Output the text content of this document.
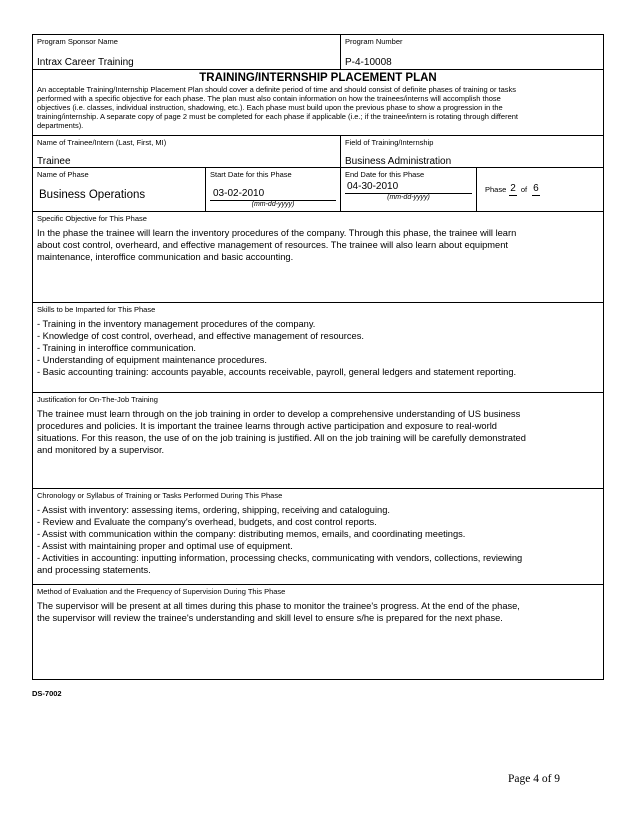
Program Sponsor Name
Intrax Career Training
Program Number
P-4-10008
TRAINING/INTERNSHIP PLACEMENT PLAN
An acceptable Training/Internship Placement Plan should cover a definite period of time and should consist of definite phases of training or tasks
performed with a specific objective for each phase. The plan must also contain information on how the trainees/interns will accomplish those
objectives (i.e. classes, individual instruction, shadowing, etc.). Each phase must build upon the previous phase to show a progression in the
training/internship. A separate copy of page 2 must be completed for each phase if applicable (i.e.; if the trainee/intern is rotating through different
departments).
Name of Trainee/Intern (Last, First, MI)
Trainee
Field of Training/Internship
Business Administration
Name of Phase
Business Operations
Start Date for this Phase
03-02-2010
(mm-dd-yyyy)
End Date for this Phase
04-30-2010
(mm-dd-yyyy)
Phase 2 of 6
Specific Objective for This Phase
In the phase the trainee will learn the inventory procedures of the company. Through this phase, the trainee will learn
about cost control, overheard, and effective management of resources. The trainee will also learn about equipment
maintenance, interoffice communication and basic accounting.
Skills to be Imparted for This Phase
- Training in the inventory management procedures of the company.
- Knowledge of cost control, overhead, and effective management of resources.
- Training in interoffice communication.
- Understanding of equipment maintenance procedures.
- Basic accounting training: accounts payable, accounts receivable, payroll, general ledgers and statement reporting.
Justification for On-The-Job Training
The trainee must learn through on the job training in order to develop a comprehensive understanding of US business
procedures and policies. It is important the trainee learns through active participation and exposure to real-world
situations. For this reason, the use of on the job training is justified. All on the job training will be carefully demonstrated
and monitored by a supervisor.
Chronology or Syllabus of Training or Tasks Performed During This Phase
- Assist with inventory: assessing items, ordering, shipping, receiving and cataloguing.
- Review and Evaluate the company's overhead, budgets, and cost control reports.
- Assist with communication within the company: distributing memos, emails, and coordinating meetings.
- Assist with maintaining proper and optimal use of equipment.
- Activities in accounting: inputting information, processing checks, communicating with vendors, collections, reviewing
and processing statements.
Method of Evaluation and the Frequency of Supervision During This Phase
The supervisor will be present at all times during this phase to monitor the trainee's progress. At the end of the phase,
the supervisor will review the trainee's understanding and skill level to ensure s/he is prepared for the next phase.
DS-7002
Page 4 of 9
